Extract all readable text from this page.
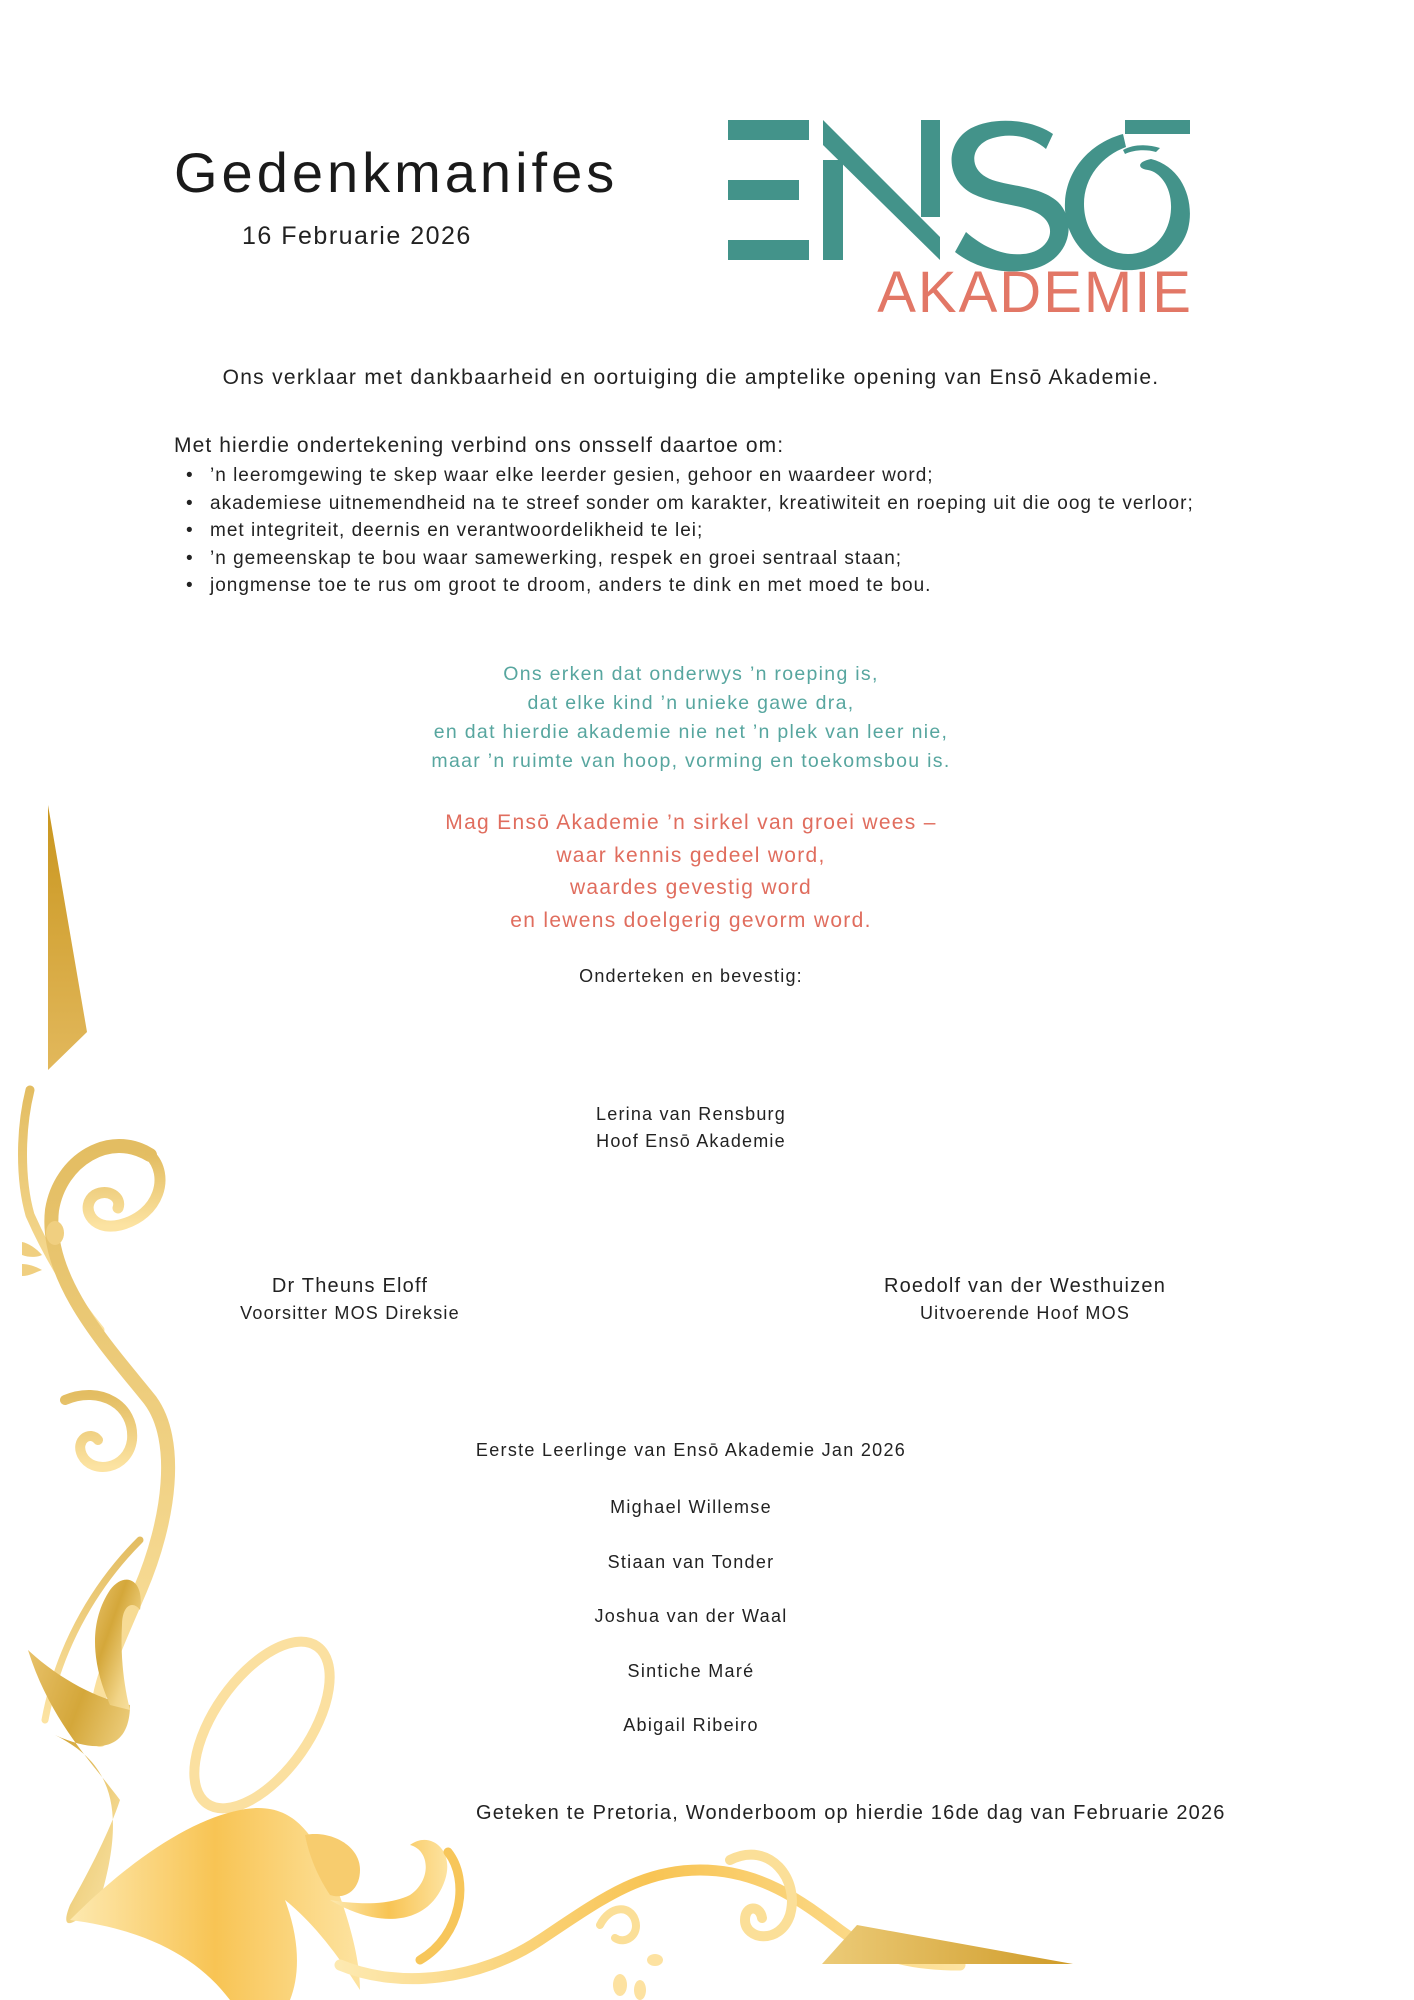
Gedenkmanifes
16 Februarie 2026
AKADEMIE
Ons verklaar met dankbaarheid en oortuiging die amptelike opening van Ensō Akademie.
Met hierdie ondertekening verbind ons onsself daartoe om:
• ’n leeromgewing te skep waar elke leerder gesien, gehoor en waardeer word;
• akademiese uitnemendheid na te streef sonder om karakter, kreatiwiteit en roeping uit die oog te verloor;
• met integriteit, deernis en verantwoordelikheid te lei;
• ’n gemeenskap te bou waar samewerking, respek en groei sentraal staan;
• jongmense toe te rus om groot te droom, anders te dink en met moed te bou.
Ons erken dat onderwys ’n roeping is,
dat elke kind ’n unieke gawe dra,
en dat hierdie akademie nie net ’n plek van leer nie,
maar ’n ruimte van hoop, vorming en toekomsbou is.
Mag Ensō Akademie ’n sirkel van groei wees –
waar kennis gedeel word,
waardes gevestig word
en lewens doelgerig gevorm word.
Onderteken en bevestig:
Lerina van Rensburg
Hoof Ensō Akademie
Dr Theuns Eloff
Voorsitter MOS Direksie
Roedolf van der Westhuizen
Uitvoerende Hoof MOS
Eerste Leerlinge van Ensō Akademie Jan 2026
Mighael Willemse
Stiaan van Tonder
Joshua van der Waal
Sintiche Maré
Abigail Ribeiro
Geteken te Pretoria, Wonderboom op hierdie 16de dag van Februarie 2026
